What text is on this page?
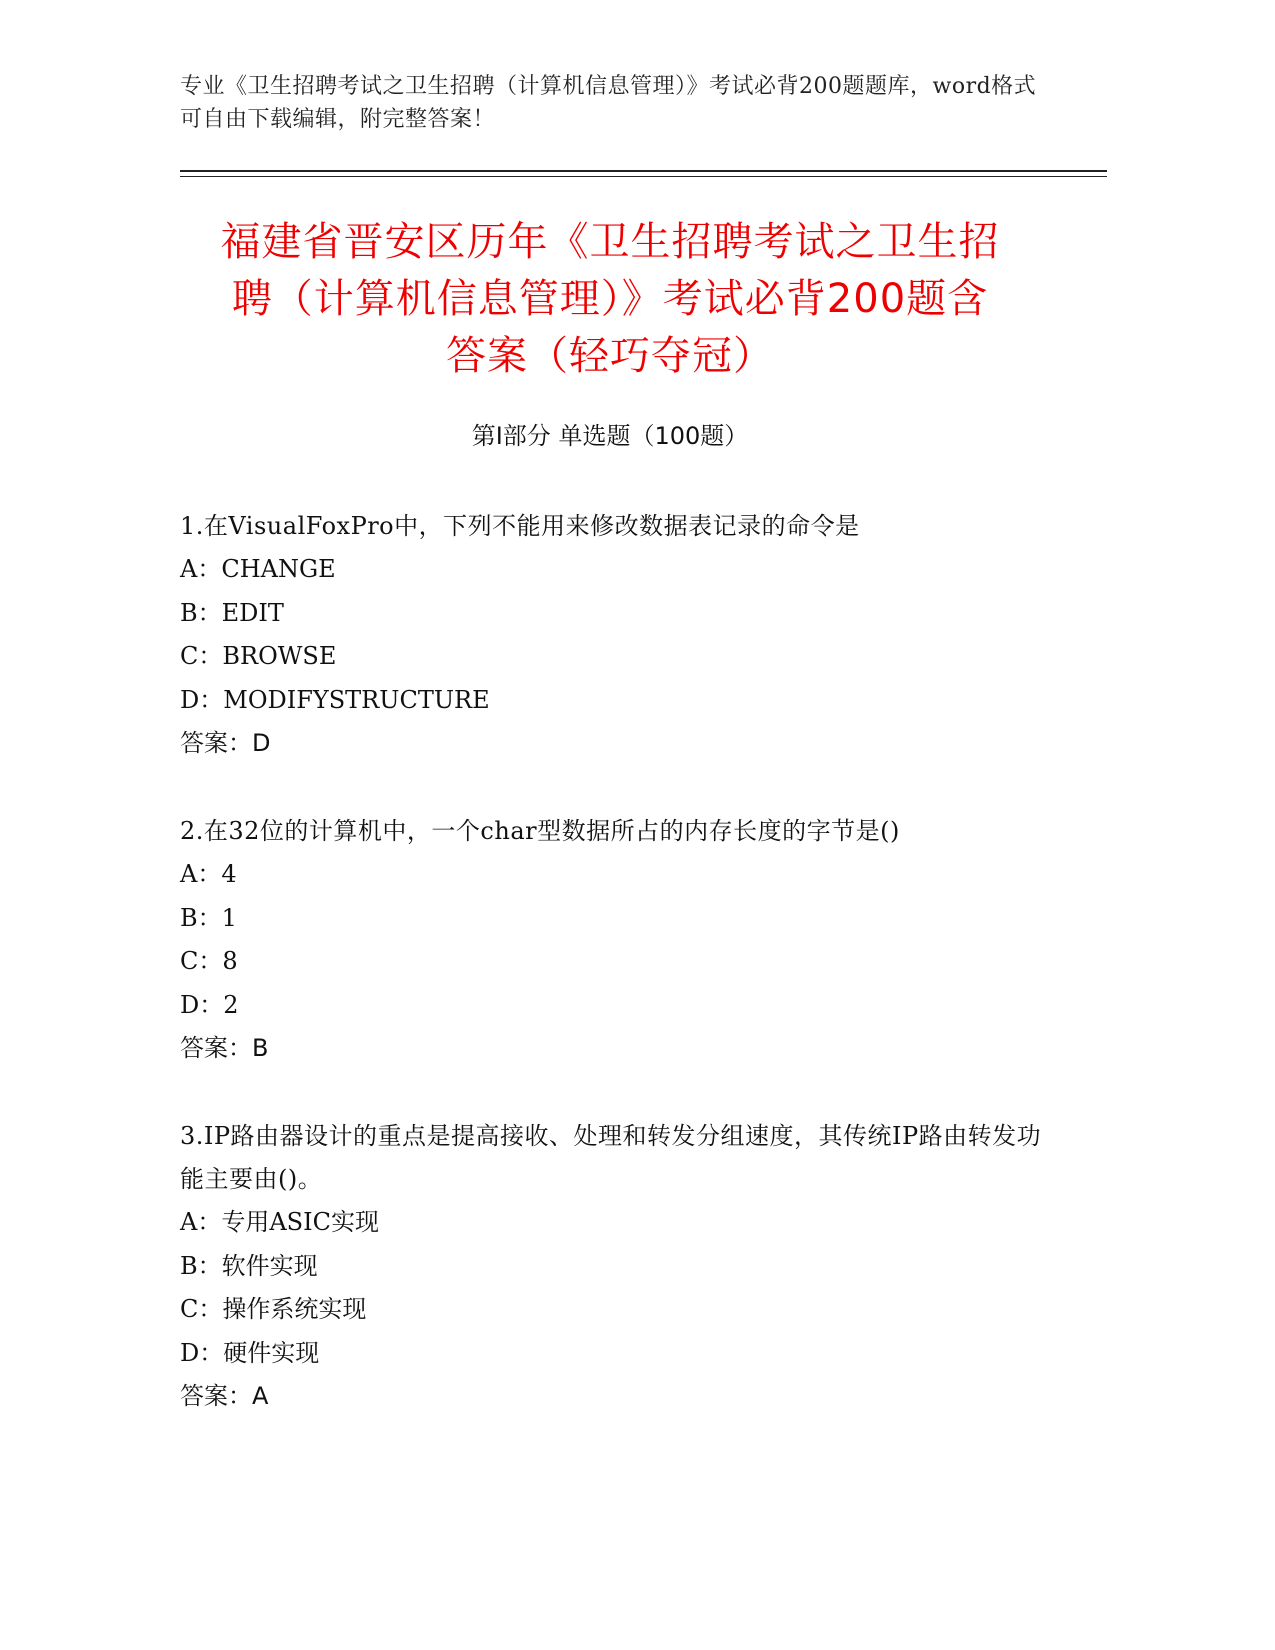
专业《卫生招聘考试之卫生招聘（计算机信息管理）》考试必背200题题库，word格式可自由下载编辑，附完整答案！
福建省晋安区历年《卫生招聘考试之卫生招
聘（计算机信息管理）》考试必背200题含
答案（轻巧夺冠）
第I部分 单选题（100题）

1.在VisualFoxPro中，下列不能用来修改数据表记录的命令是

A：CHANGE

B：EDIT

C：BROWSE

D：MODIFYSTRUCTURE

答案：D

2.在32位的计算机中，一个char型数据所占的内存长度的字节是()

A：4

B：1

C：8

D：2

答案：B

3.IP路由器设计的重点是提高接收、处理和转发分组速度，其传统IP路由转发功能主要由()。

A：专用ASIC实现

B：软件实现

C：操作系统实现

D：硬件实现

答案：A
